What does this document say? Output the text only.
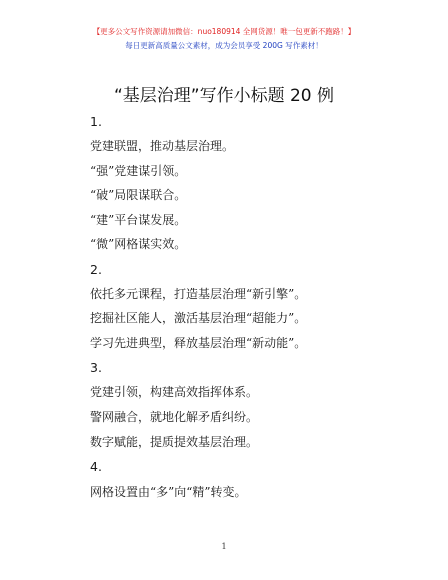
【更多公文写作资源请加微信：nuo180914 全网货源！唯一包更新不跑路！】
每日更新高质量公文素材，成为会员享受 200G 写作素材！
“基层治理”写作小标题 20 例
1.
党建联盟，推动基层治理。
“强”党建谋引领。
“破”局限谋联合。
“建”平台谋发展。
“微”网格谋实效。
2.
依托多元课程，打造基层治理“新引擎”。
挖掘社区能人，激活基层治理“超能力”。
学习先进典型，释放基层治理“新动能”。
3.
党建引领，构建高效指挥体系。
警网融合，就地化解矛盾纠纷。
数字赋能，提质提效基层治理。
4.
网格设置由“多”向“精”转变。
1
